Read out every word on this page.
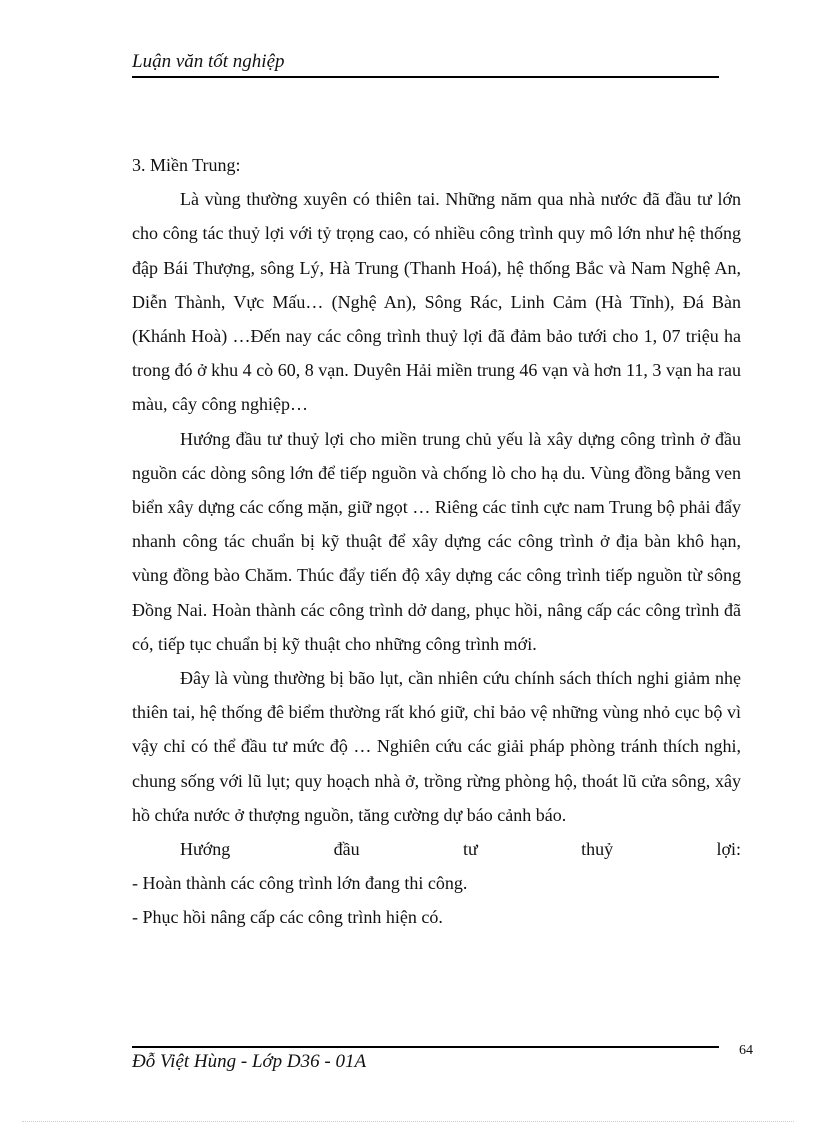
Luận văn tốt nghiệp
3. Miền Trung:

Là vùng thường xuyên có thiên tai. Những năm qua nhà nước đã đầu tư lớn cho công tác thuỷ lợi với tỷ trọng cao, có nhiều công trình quy mô lớn như hệ thống đập Bái Thượng, sông Lý, Hà Trung (Thanh Hoá), hệ thống Bắc và Nam Nghệ An, Diễn Thành, Vực Mấu… (Nghệ An), Sông Rác, Linh Cảm (Hà Tĩnh), Đá Bàn (Khánh Hoà) …Đến nay các công trình thuỷ lợi đã đảm bảo tưới cho 1, 07 triệu ha trong đó ở khu 4 cò 60, 8 vạn. Duyên Hải miền trung 46 vạn và hơn 11, 3 vạn ha rau màu, cây công nghiệp…

Hướng đầu tư thuỷ lợi cho miền trung chủ yếu là xây dựng công trình ở đầu nguồn các dòng sông lớn để tiếp nguồn và chống lò cho hạ du. Vùng đồng bằng ven biển xây dựng các cống mặn, giữ ngọt … Riêng các tỉnh cực nam Trung bộ phải đẩy nhanh công tác chuẩn bị kỹ thuật để xây dựng các công trình ở địa bàn khô hạn, vùng đồng bào Chăm. Thúc đẩy tiến độ xây dựng các công trình tiếp nguồn từ sông Đồng Nai. Hoàn thành các công trình dở dang, phục hồi, nâng cấp các công trình đã có, tiếp tục chuẩn bị kỹ thuật cho những công trình mới.

Đây là vùng thường bị bão lụt, cần nhiên cứu chính sách thích nghi giảm nhẹ thiên tai, hệ thống đê biểm thường rất khó giữ, chỉ bảo vệ những vùng nhỏ cục bộ vì vậy chỉ có thể đầu tư mức độ … Nghiên cứu các giải pháp phòng tránh thích nghi, chung sống với lũ lụt; quy hoạch nhà ở, trồng rừng phòng hộ, thoát lũ cửa sông, xây hồ chứa nước ở thượng nguồn, tăng cường dự báo cảnh báo.

Hướng	đầu	tư	thuỷ	lợi:

- Hoàn thành các công trình lớn đang thi công.

- Phục hồi nâng cấp các công trình hiện có.

Đỗ Việt Hùng - Lớp D36 - 01A
64
